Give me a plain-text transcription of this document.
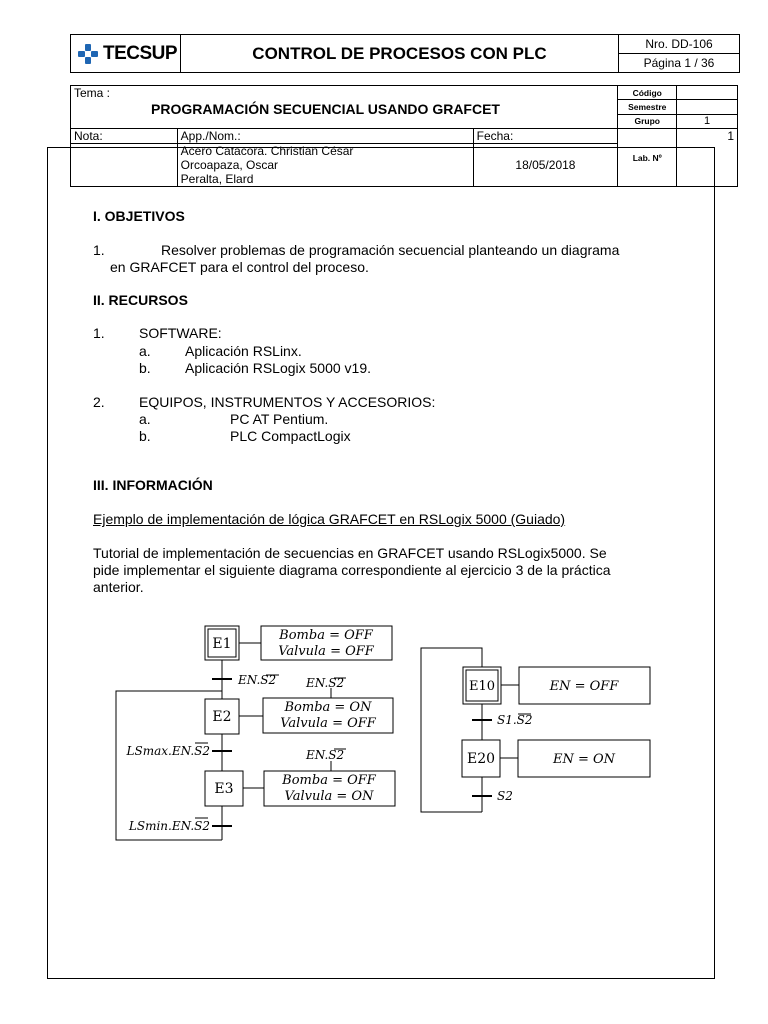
TECSUP	CONTROL DE PROCESOS CON PLC	Nro. DD-106
Página 1 / 36
Tema :
PROGRAMACIÓN SECUENCIAL USANDO GRAFCET			Código	
			Semestre	
			Grupo	1
Nota:	App./Nom.:	Fecha:	Lab. Nº	1

	Acero Catacora. Christian César
Orcoapaza, Oscar
Peralta, Elard	18/05/2018		
I. OBJETIVOS
1.	Resolver problemas de programación secuencial planteando un diagrama
en GRAFCET para el control del proceso.
II. RECURSOS
1. SOFTWARE:
a. Aplicación RSLinx.
b. Aplicación RSLogix 5000 v19.
2. EQUIPOS, INSTRUMENTOS Y ACCESORIOS:
a.	PC AT Pentium.
b.	PLC CompactLogix
III. INFORMACIÓN
Ejemplo de implementación de lógica GRAFCET en RSLogix 5000 (Guiado)
Tutorial de implementación de secuencias en GRAFCET usando RSLogix5000. Se
pide implementar el siguiente diagrama correspondiente al ejercicio 3 de la práctica
anterior.
E1
E2
E3
E10
E20
Bomba = OFF
Valvula = OFF
Bomba = ON
Valvula = OFF
Bomba = OFF
Valvula = ON
EN = OFF
EN = ON
EN.S2 EN.S2
LSmax.EN.S2	EN.S2
LSmin.EN.S2
S1.S2
S2
